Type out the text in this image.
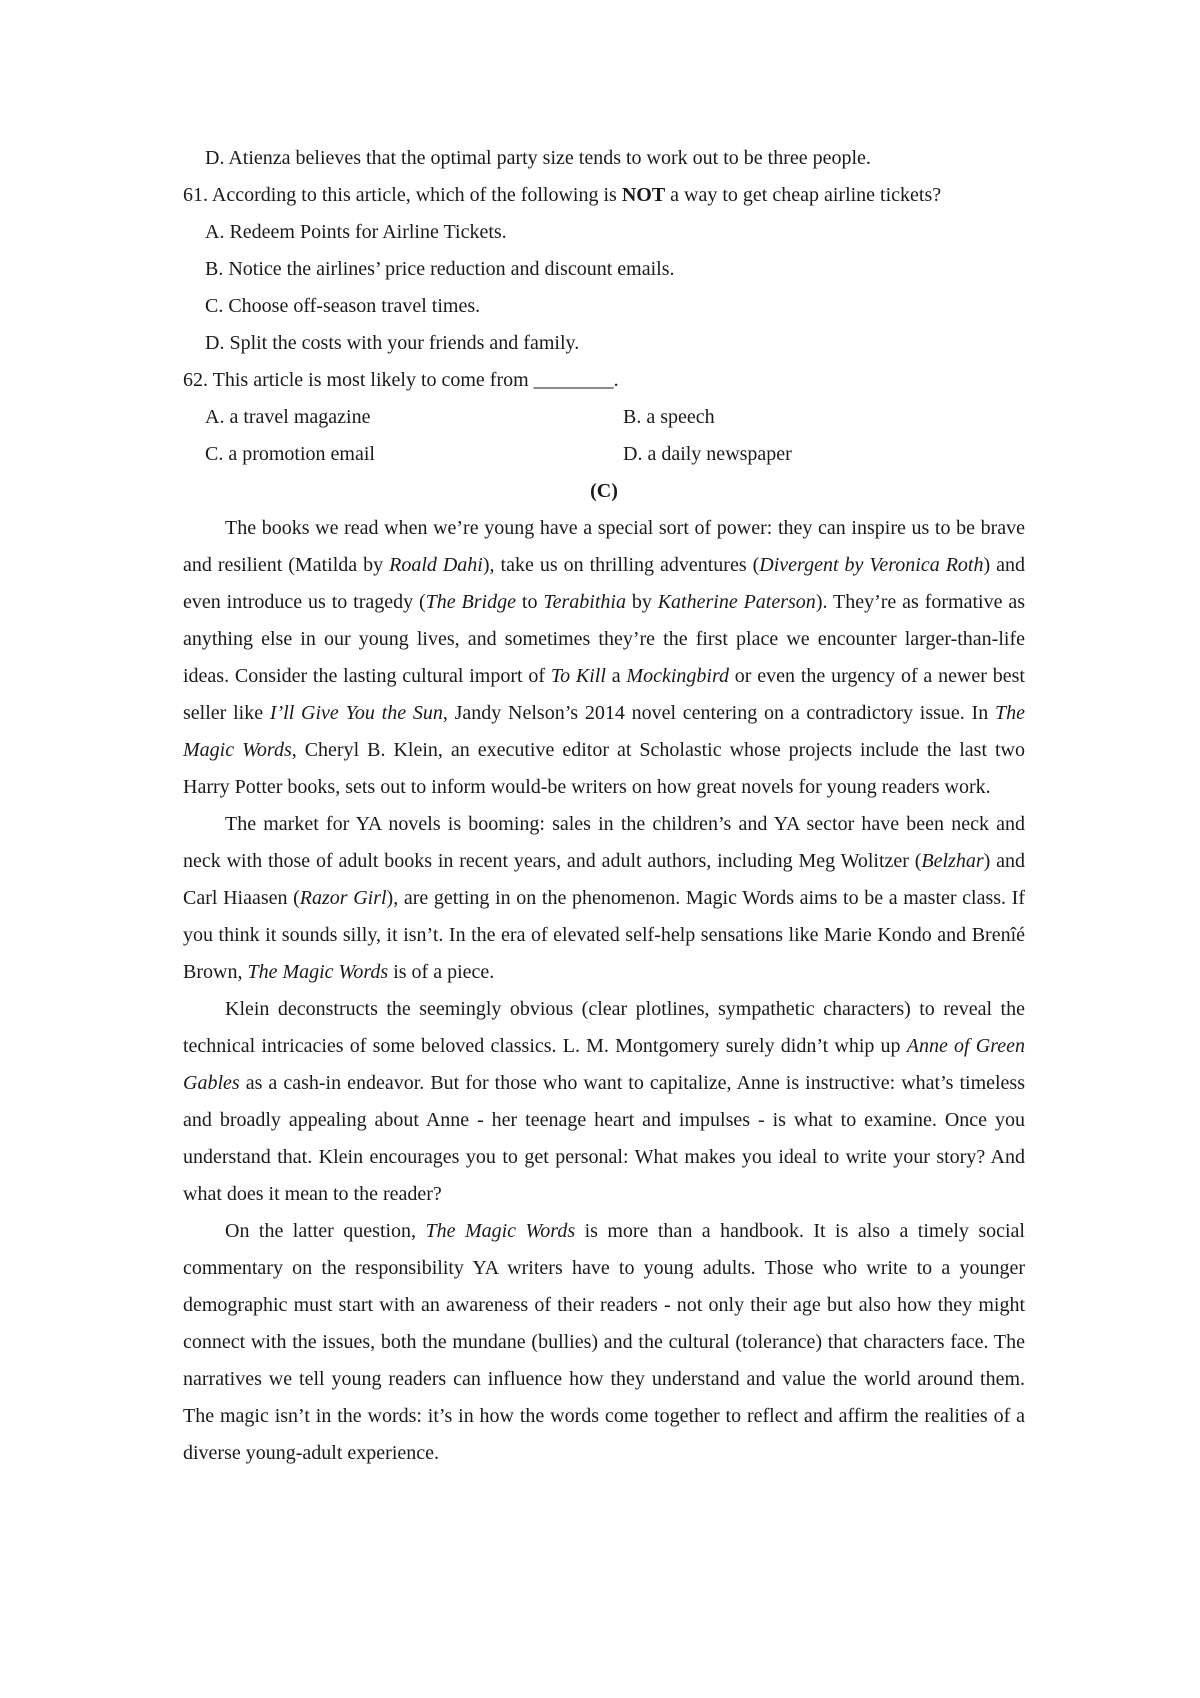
D. Atienza believes that the optimal party size tends to work out to be three people.
61. According to this article, which of the following is NOT a way to get cheap airline tickets?
A. Redeem Points for Airline Tickets.
B. Notice the airlines’ price reduction and discount emails.
C. Choose off-season travel times.
D. Split the costs with your friends and family.
62. This article is most likely to come from ________.
A. a travel magazine	B. a speech
C. a promotion email	D. a daily newspaper
(C)

The books we read when we’re young have a special sort of power: they can inspire us to be brave and resilient (Matilda by Roald Dahi), take us on thrilling adventures (Divergent by Veronica Roth) and even introduce us to tragedy (The Bridge to Terabithia by Katherine Paterson). They’re as formative as anything else in our young lives, and sometimes they’re the first place we encounter larger-than-life ideas. Consider the lasting cultural import of To Kill a Mockingbird or even the urgency of a newer best seller like I’ll Give You the Sun, Jandy Nelson’s 2014 novel centering on a contradictory issue. In The Magic Words, Cheryl B. Klein, an executive editor at Scholastic whose projects include the last two Harry Potter books, sets out to inform would-be writers on how great novels for young readers work.

The market for YA novels is booming: sales in the children’s and YA sector have been neck and neck with those of adult books in recent years, and adult authors, including Meg Wolitzer (Belzhar) and Carl Hiaasen (Razor Girl), are getting in on the phenomenon. Magic Words aims to be a master class. If you think it sounds silly, it isn’t. In the era of elevated self-help sensations like Marie Kondo and Brenîé Brown, The Magic Words is of a piece.

Klein deconstructs the seemingly obvious (clear plotlines, sympathetic characters) to reveal the technical intricacies of some beloved classics. L. M. Montgomery surely didn’t whip up Anne of Green Gables as a cash-in endeavor. But for those who want to capitalize, Anne is instructive: what’s timeless and broadly appealing about Anne - her teenage heart and impulses - is what to examine. Once you understand that. Klein encourages you to get personal: What makes you ideal to write your story? And what does it mean to the reader?

On the latter question, The Magic Words is more than a handbook. It is also a timely social commentary on the responsibility YA writers have to young adults. Those who write to a younger demographic must start with an awareness of their readers - not only their age but also how they might connect with the issues, both the mundane (bullies) and the cultural (tolerance) that characters face. The narratives we tell young readers can influence how they understand and value the world around them. The magic isn’t in the words: it’s in how the words come together to reflect and affirm the realities of a diverse young-adult experience.
